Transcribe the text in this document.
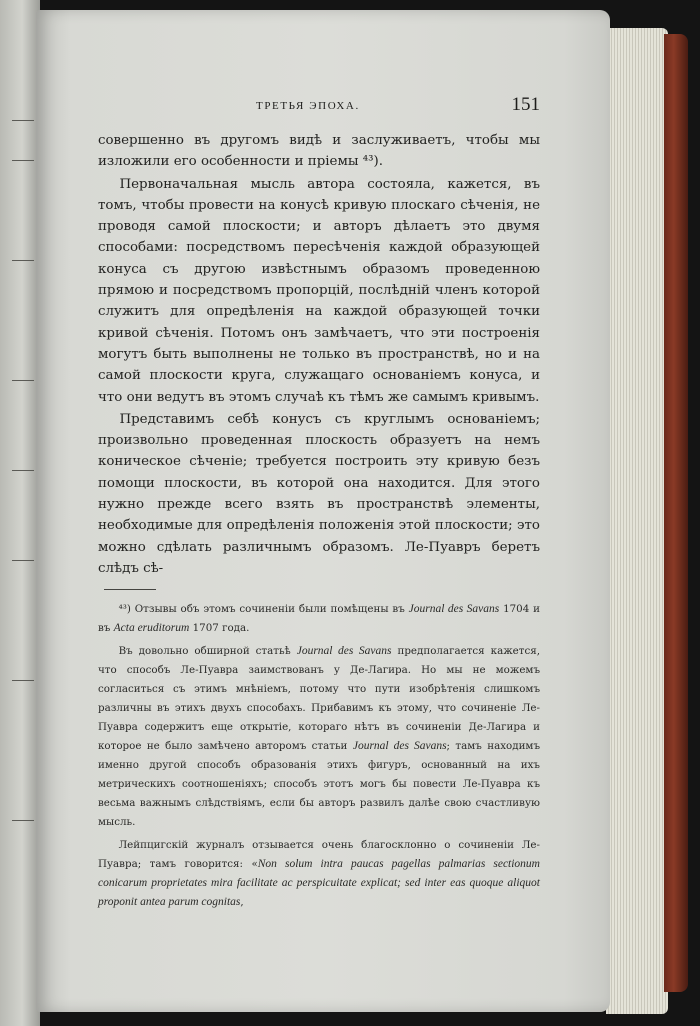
ТРЕТЬЯ ЭПОХА.	151

совершенно въ другомъ видѣ и заслуживаетъ, чтобы мы изложили его особенности и пріемы ⁴³).

Первоначальная мысль автора состояла, кажется, въ томъ, чтобы провести на конусѣ кривую плоскаго сѣченія, не проводя самой плоскости; и авторъ дѣлаетъ это двумя способами: посредствомъ пересѣченія каждой образующей конуса съ другою извѣстнымъ образомъ проведенною прямою и посредствомъ пропорцій, послѣдній членъ которой служитъ для опредѣленія на каждой образующей точки кривой сѣченія. Потомъ онъ замѣчаетъ, что эти построенія могутъ быть выполнены не только въ пространствѣ, но и на самой плоскости круга, служащаго основаніемъ конуса, и что они ведутъ въ этомъ случаѣ къ тѣмъ же самымъ кривымъ.

Представимъ себѣ конусъ съ круглымъ основаніемъ; произвольно проведенная плоскость образуетъ на немъ коническое сѣченіе; требуется построить эту кривую безъ помощи плоскости, въ которой она находится. Для этого нужно прежде всего взять въ пространствѣ элементы, необходимые для опредѣленія положенія этой плоскости; это можно сдѣлать различнымъ образомъ. Ле-Пуавръ беретъ слѣдъ сѣ-

⁴³) Отзывы объ этомъ сочиненіи были помѣщены въ Journal des Savans 1704 и въ Acta eruditorum 1707 года.

Въ довольно обширной статьѣ Journal des Savans предполагается кажется, что способъ Ле-Пуавра заимствованъ у Де-Лагира. Но мы не можемъ согласиться съ этимъ мнѣніемъ, потому что пути изобрѣтенія слишкомъ различны въ этихъ двухъ способахъ. Прибавимъ къ этому, что сочиненіе Ле-Пуавра содержитъ еще открытіе, котораго нѣтъ въ сочиненіи Де-Лагира и которое не было замѣчено авторомъ статьи Journal des Savans; тамъ находимъ именно другой способъ образованія этихъ фигуръ, основанный на ихъ метрическихъ соотношеніяхъ; способъ этотъ могъ бы повести Ле-Пуавра къ весьма важнымъ слѣдствіямъ, если бы авторъ развилъ далѣе свою счастливую мысль.

Лейпцигскій журналъ отзывается очень благосклонно о сочиненіи Ле-Пуавра; тамъ говорится: «Non solum intra paucas pagellas palmarias sectionum conicarum proprietates mira facilitate ac perspicuitate explicat; sed inter eas quoque aliquot proponit antea parum cognitas,
